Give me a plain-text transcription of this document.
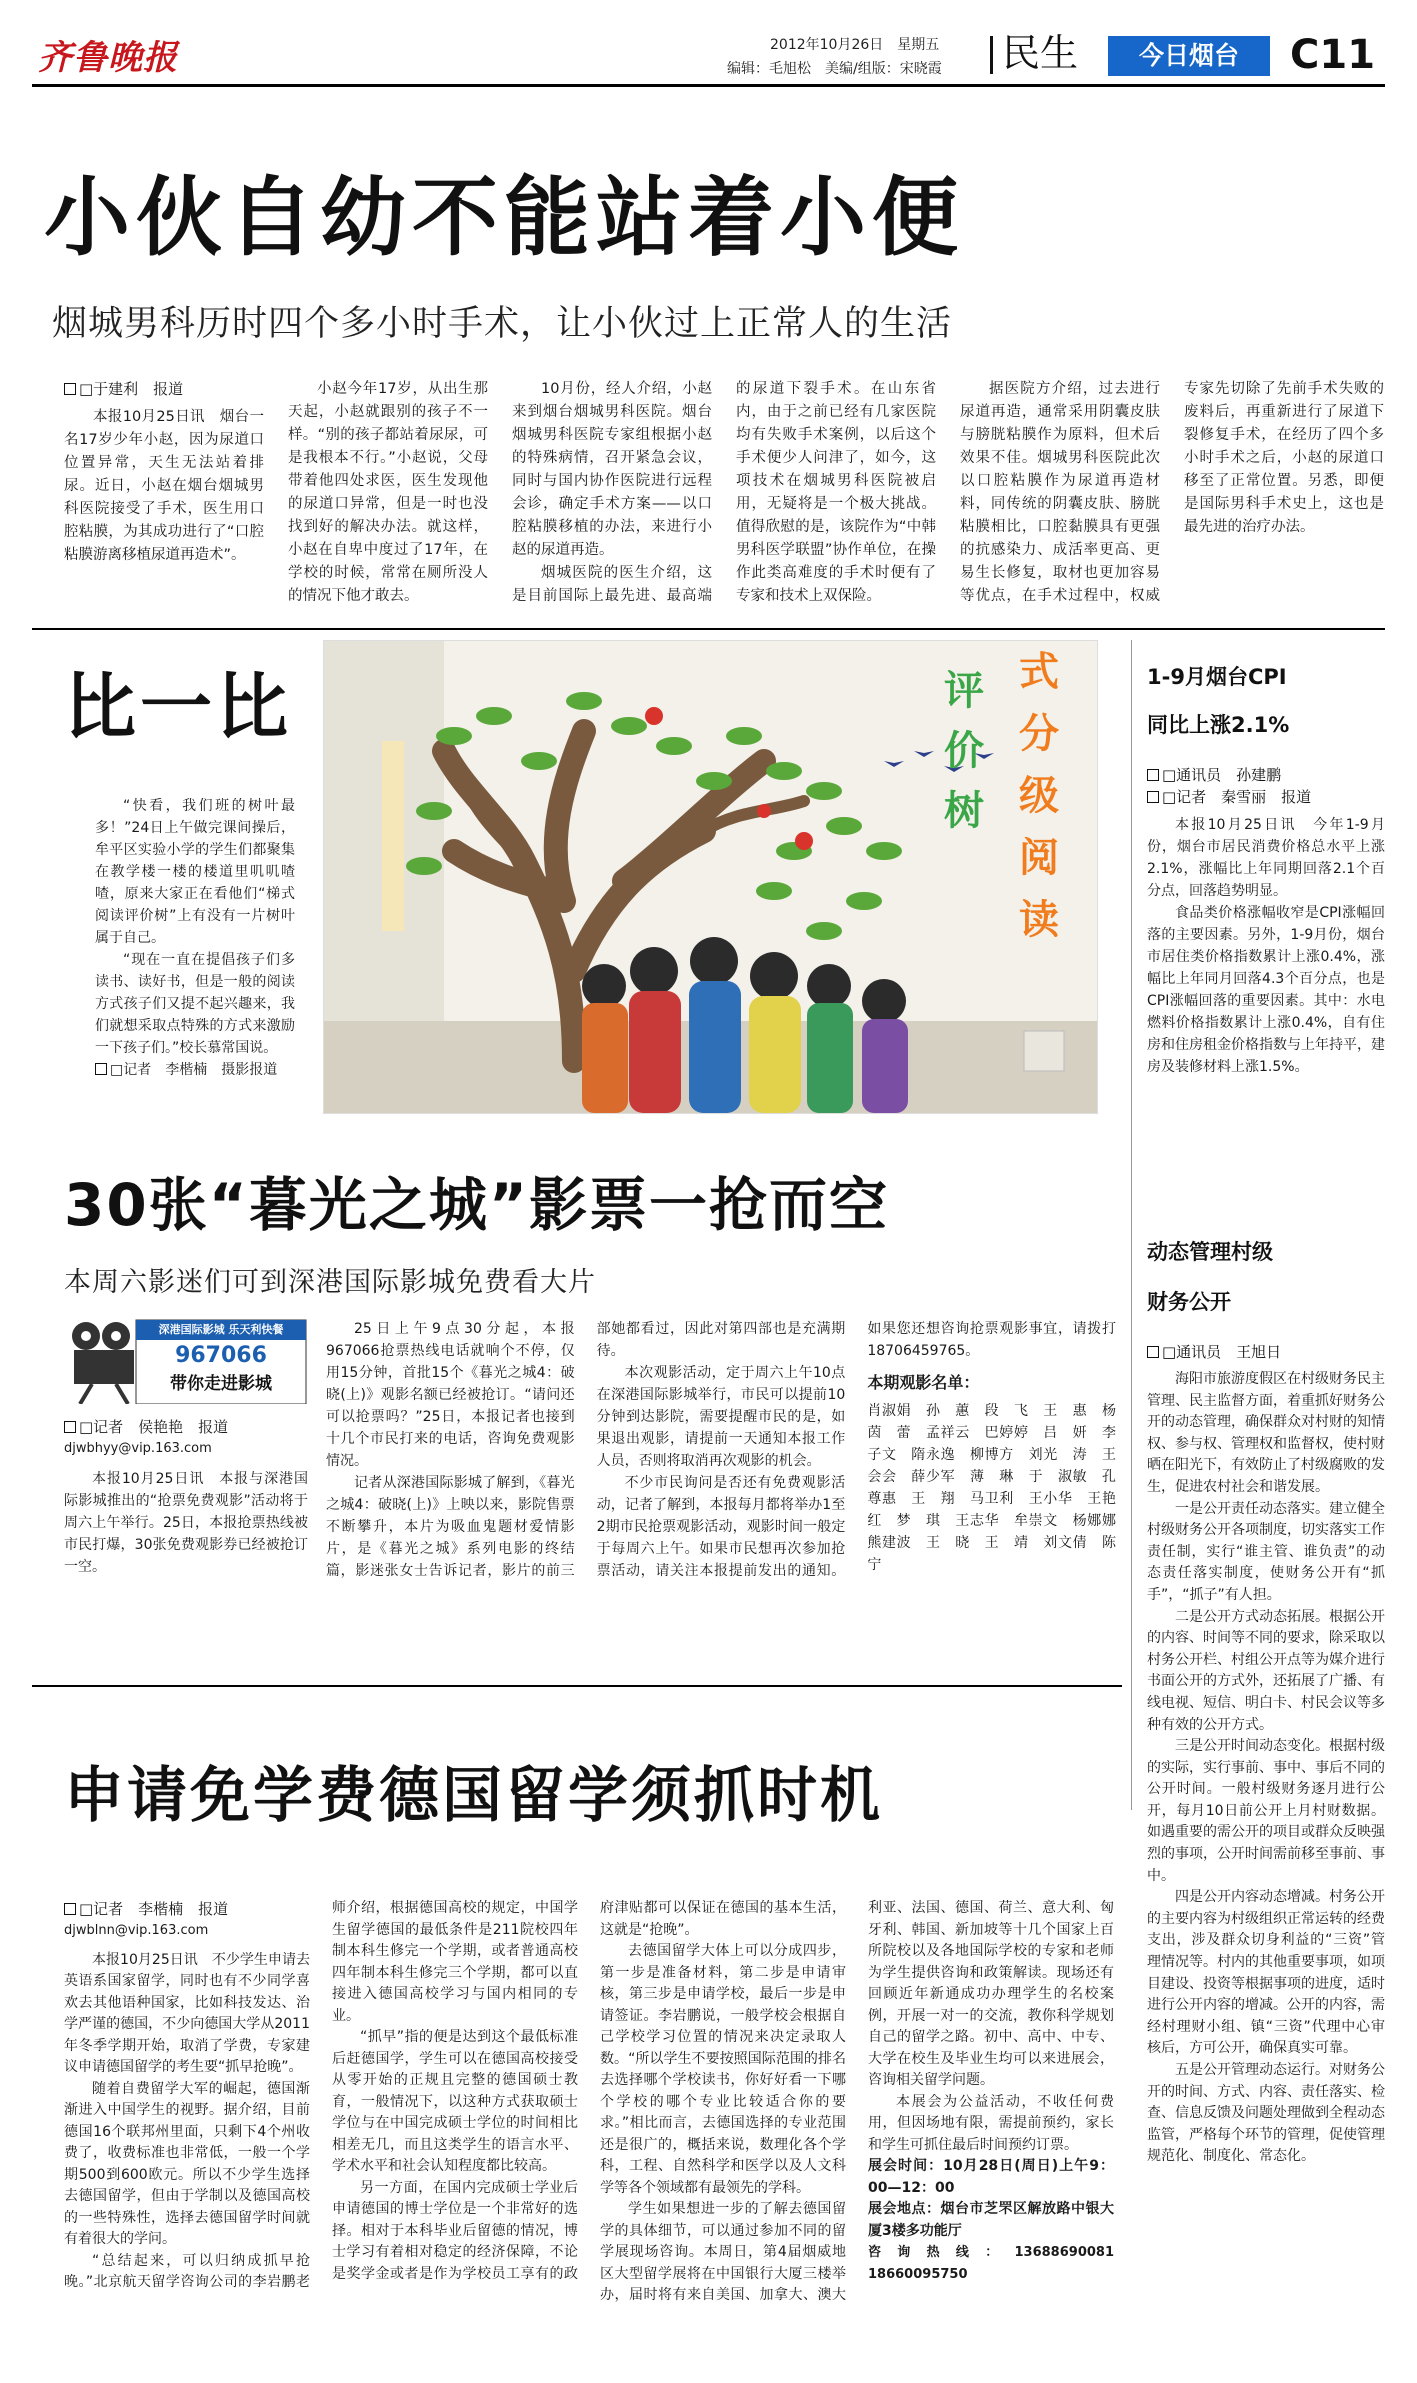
齐鲁晚报	2012年10月26日　星期五
编辑：毛旭松　美编/组版：宋晓霞 民生	今日烟台	C11
小伙自幼不能站着小便
烟城男科历时四个多小时手术，让小伙过上正常人的生活
□于建利　报道

本报10月25日讯　烟台一名17岁少年小赵，因为尿道口位置异常，天生无法站着排尿。近日，小赵在烟台烟城男科医院接受了手术，医生用口腔粘膜，为其成功进行了“口腔粘膜游离移植尿道再造术”。

小赵今年17岁，从出生那天起，小赵就跟别的孩子不一样。“别的孩子都站着尿尿，可是我根本不行。”小赵说，父母带着他四处求医，医生发现他的尿道口异常，但是一时也没找到好的解决办法。就这样，小赵在自卑中度过了17年，在学校的时候，常常在厕所没人的情况下他才敢去。

10月份，经人介绍，小赵来到烟台烟城男科医院。烟台烟城男科医院专家组根据小赵的特殊病情，召开紧急会议，同时与国内协作医院进行远程会诊，确定手术方案——以口腔粘膜移植的办法，来进行小赵的尿道再造。

烟城医院的医生介绍，这是目前国际上最先进、最高端的尿道下裂手术。在山东省内，由于之前已经有几家医院均有失败手术案例，以后这个手术便少人问津了，如今，这项技术在烟城男科医院被启用，无疑将是一个极大挑战。值得欣慰的是，该院作为“中韩男科医学联盟”协作单位，在操作此类高难度的手术时便有了专家和技术上双保险。

据医院方介绍，过去进行尿道再造，通常采用阴囊皮肤与膀胱粘膜作为原料，但术后效果不佳。烟城男科医院此次以口腔粘膜作为尿道再造材料，同传统的阴囊皮肤、膀胱粘膜相比，口腔黏膜具有更强的抗感染力、成活率更高、更易生长修复，取材也更加容易等优点，在手术过程中，权威专家先切除了先前手术失败的废料后，再重新进行了尿道下裂修复手术，在经历了四个多小时手术之后，小赵的尿道口移至了正常位置。另悉，即便是国际男科手术史上，这也是最先进的治疗办法。

比一比

“快看，我们班的树叶最多！”24日上午做完课间操后，牟平区实验小学的学生们都聚集在教学楼一楼的楼道里叽叽喳喳，原来大家正在看他们“梯式阅读评价树”上有没有一片树叶属于自己。

“现在一直在提倡孩子们多读书、读好书，但是一般的阅读方式孩子们又提不起兴趣来，我们就想采取点特殊的方式来激励一下孩子们。”校长慕常国说。

□记者　李楷楠　摄影报道
评价树
式分级阅读
1-9月烟台CPI
同比上涨2.1%
□通讯员　孙建鹏
□记者　秦雪丽　报道

本报10月25日讯　今年1-9月份，烟台市居民消费价格总水平上涨2.1%，涨幅比上年同期回落2.1个百分点，回落趋势明显。

食品类价格涨幅收窄是CPI涨幅回落的主要因素。另外，1-9月份，烟台市居住类价格指数累计上涨0.4%，涨幅比上年同月回落4.3个百分点，也是CPI涨幅回落的重要因素。其中：水电燃料价格指数累计上涨0.4%，自有住房和住房租金价格指数与上年持平，建房及装修材料上涨1.5%。

30张“暮光之城”影票一抢而空
本周六影迷们可到深港国际影城免费看大片
深港国际影城 乐天利快餐
967066
带你走进影城
□记者　侯艳艳　报道
djwbhyy@vip.163.com

本报10月25日讯　本报与深港国际影城推出的“抢票免费观影”活动将于周六上午举行。25日，本报抢票热线被市民打爆，30张免费观影券已经被抢订一空。

25日上午9点30分起，本报967066抢票热线电话就响个不停，仅用15分钟，首批15个《暮光之城4：破晓(上)》观影名额已经被抢订。“请问还可以抢票吗？”25日，本报记者也接到十几个市民打来的电话，咨询免费观影情况。

记者从深港国际影城了解到，《暮光之城4：破晓(上)》上映以来，影院售票不断攀升，本片为吸血鬼题材爱情影片，是《暮光之城》系列电影的终结篇，影迷张女士告诉记者，影片的前三部她都看过，因此对第四部也是充满期待。

本次观影活动，定于周六上午10点在深港国际影城举行，市民可以提前10分钟到达影院，需要提醒市民的是，如果退出观影，请提前一天通知本报工作人员，否则将取消再次观影的机会。

不少市民询问是否还有免费观影活动，记者了解到，本报每月都将举办1至2期市民抢票观影活动，观影时间一般定于每周六上午。如果市民想再次参加抢票活动，请关注本报提前发出的通知。如果您还想咨询抢票观影事宜，请拨打18706459765。

本期观影名单：
肖淑娟　孙　蕙　段　飞　王　惠　杨　茵　蕾　孟祥云　巴婷婷　吕　妍　李子文　隋永逸　柳博方　刘光　涛　王会会　薛少军　薄　琳　于　淑敏　孔尊惠　王　翔　马卫利　王小华　王艳红　梦　琪　王志华　牟崇文　杨娜娜　熊建波　王　晓　王　靖　刘文倩　陈　宁
动态管理村级
财务公开
□通讯员　王旭日

海阳市旅游度假区在村级财务民主管理、民主监督方面，着重抓好财务公开的动态管理，确保群众对村财的知情权、参与权、管理权和监督权，使村财晒在阳光下，有效防止了村级腐败的发生，促进农村社会和谐发展。

一是公开责任动态落实。建立健全村级财务公开各项制度，切实落实工作责任制，实行“谁主管、谁负责”的动态责任落实制度，使财务公开有“抓手”，“抓子”有人担。

二是公开方式动态拓展。根据公开的内容、时间等不同的要求，除采取以村务公开栏、村组公开点等为媒介进行书面公开的方式外，还拓展了广播、有线电视、短信、明白卡、村民会议等多种有效的公开方式。

三是公开时间动态变化。根据村级的实际，实行事前、事中、事后不同的公开时间。一般村级财务逐月进行公开，每月10日前公开上月村财数据。如遇重要的需公开的项目或群众反映强烈的事项，公开时间需前移至事前、事中。

四是公开内容动态增减。村务公开的主要内容为村级组织正常运转的经费支出，涉及群众切身利益的“三资”管理情况等。村内的其他重要事项，如项目建设、投资等根据事项的进度，适时进行公开内容的增减。公开的内容，需经村理财小组、镇“三资”代理中心审核后，方可公开，确保真实可靠。

五是公开管理动态运行。对财务公开的时间、方式、内容、责任落实、检查、信息反馈及问题处理做到全程动态监管，严格每个环节的管理，促使管理规范化、制度化、常态化。

申请免学费德国留学须抓时机
□记者　李楷楠　报道
djwblnn@vip.163.com

本报10月25日讯　不少学生申请去英语系国家留学，同时也有不少同学喜欢去其他语种国家，比如科技发达、治学严谨的德国，不少向德国大学从2011年冬季学期开始，取消了学费，专家建议申请德国留学的考生要“抓早抢晚”。

随着自费留学大军的崛起，德国渐渐进入中国学生的视野。据介绍，目前德国16个联邦州里面，只剩下4个州收费了，收费标准也非常低，一般一个学期500到600欧元。所以不少学生选择去德国留学，但由于学制以及德国高校的一些特殊性，选择去德国留学时间就有着很大的学问。

“总结起来，可以归纳成抓早抢晚。”北京航天留学咨询公司的李岩鹏老师介绍，根据德国高校的规定，中国学生留学德国的最低条件是211院校四年制本科生修完一个学期，或者普通高校四年制本科生修完三个学期，都可以直接进入德国高校学习与国内相同的专业。

“抓早”指的便是达到这个最低标准后赶德国学，学生可以在德国高校接受从零开始的正规且完整的德国硕士教育，一般情况下，以这种方式获取硕士学位与在中国完成硕士学位的时间相比相差无几，而且这类学生的语言水平、学术水平和社会认知程度都比较高。

另一方面，在国内完成硕士学业后申请德国的博士学位是一个非常好的选择。相对于本科毕业后留德的情况，博士学习有着相对稳定的经济保障，不论是奖学金或者是作为学校员工享有的政府津贴都可以保证在德国的基本生活，这就是“抢晚”。

去德国留学大体上可以分成四步，第一步是准备材料，第二步是申请审核，第三步是申请学校，最后一步是申请签证。李岩鹏说，一般学校会根据自己学校学习位置的情况来决定录取人数。“所以学生不要按照国际范围的排名去选择哪个学校读书，你好好看一下哪个学校的哪个专业比较适合你的要求。”相比而言，去德国选择的专业范围还是很广的，概括来说，数理化各个学科，工程、自然科学和医学以及人文科学等各个领域都有最领先的学科。

学生如果想进一步的了解去德国留学的具体细节，可以通过参加不同的留学展现场咨询。本周日，第4届烟威地区大型留学展将在中国银行大厦三楼举办，届时将有来自美国、加拿大、澳大利亚、法国、德国、荷兰、意大利、匈牙利、韩国、新加坡等十几个国家上百所院校以及各地国际学校的专家和老师为学生提供咨询和政策解读。现场还有回顾近年新通成功办理学生的名校案例，开展一对一的交流，教你科学规划自己的留学之路。初中、高中、中专、大学在校生及毕业生均可以来进展会，咨询相关留学问题。

本展会为公益活动，不收任何费用，但因场地有限，需提前预约，家长和学生可抓住最后时间预约订票。

展会时间：10月28日(周日)上午9：00—12：00
展会地点：烟台市芝罘区解放路中银大厦3楼多功能厅
咨询热线：13688690081　18660095750
